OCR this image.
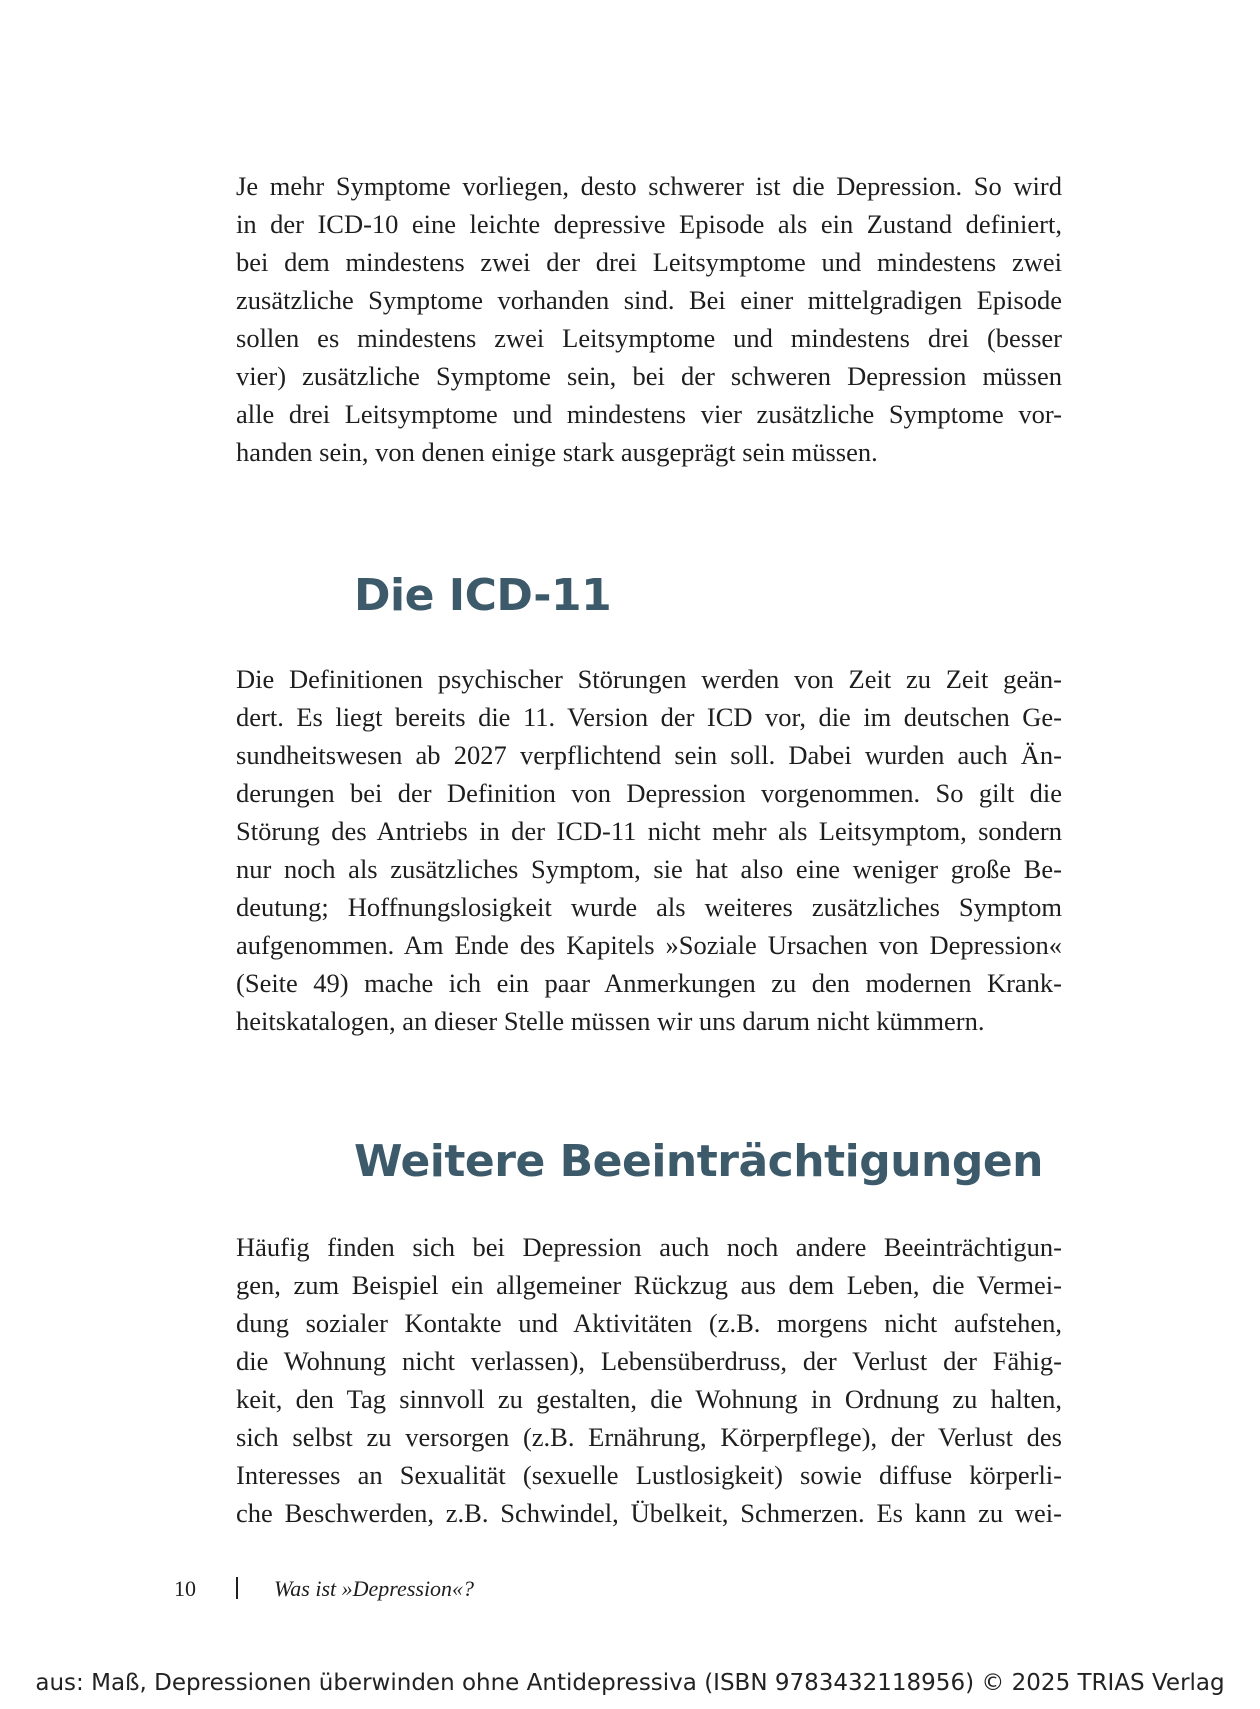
Je mehr Symptome vorliegen, desto schwerer ist die Depression. So wird
in der ICD-10 eine leichte depressive Episode als ein Zustand definiert,
bei dem mindestens zwei der drei Leitsymptome und mindestens zwei
zusätzliche Symptome vorhanden sind. Bei einer mittelgradigen Episode
sollen es mindestens zwei Leitsymptome und mindestens drei (besser
vier) zusätzliche Symptome sein, bei der schweren Depression müssen
alle drei Leitsymptome und mindestens vier zusätzliche Symptome vor-
handen sein, von denen einige stark ausgeprägt sein müssen.

Die ICD-11

Die Definitionen psychischer Störungen werden von Zeit zu Zeit geän-
dert. Es liegt bereits die 11. Version der ICD vor, die im deutschen Ge-
sundheitswesen ab 2027 verpflichtend sein soll. Dabei wurden auch Än-
derungen bei der Definition von Depression vorgenommen. So gilt die
Störung des Antriebs in der ICD-11 nicht mehr als Leitsymptom, sondern
nur noch als zusätzliches Symptom, sie hat also eine weniger große Be-
deutung; Hoffnungslosigkeit wurde als weiteres zusätzliches Symptom
aufgenommen. Am Ende des Kapitels »Soziale Ursachen von Depression«
(Seite 49) mache ich ein paar Anmerkungen zu den modernen Krank-
heitskatalogen, an dieser Stelle müssen wir uns darum nicht kümmern.

Weitere Beeinträchtigungen

Häufig finden sich bei Depression auch noch andere Beeinträchtigun-
gen, zum Beispiel ein allgemeiner Rückzug aus dem Leben, die Vermei-
dung sozialer Kontakte und Aktivitäten (z.B. morgens nicht aufstehen,
die Wohnung nicht verlassen), Lebensüberdruss, der Verlust der Fähig-
keit, den Tag sinnvoll zu gestalten, die Wohnung in Ordnung zu halten,
sich selbst zu versorgen (z.B. Ernährung, Körperpflege), der Verlust des
Interesses an Sexualität (sexuelle Lustlosigkeit) sowie diffuse körperli-
che Beschwerden, z.B. Schwindel, Übelkeit, Schmerzen. Es kann zu wei-

10	Was ist »Depression«?
aus: Maß, Depressionen überwinden ohne Antidepressiva (ISBN 9783432118956) © 2025 TRIAS Verlag
